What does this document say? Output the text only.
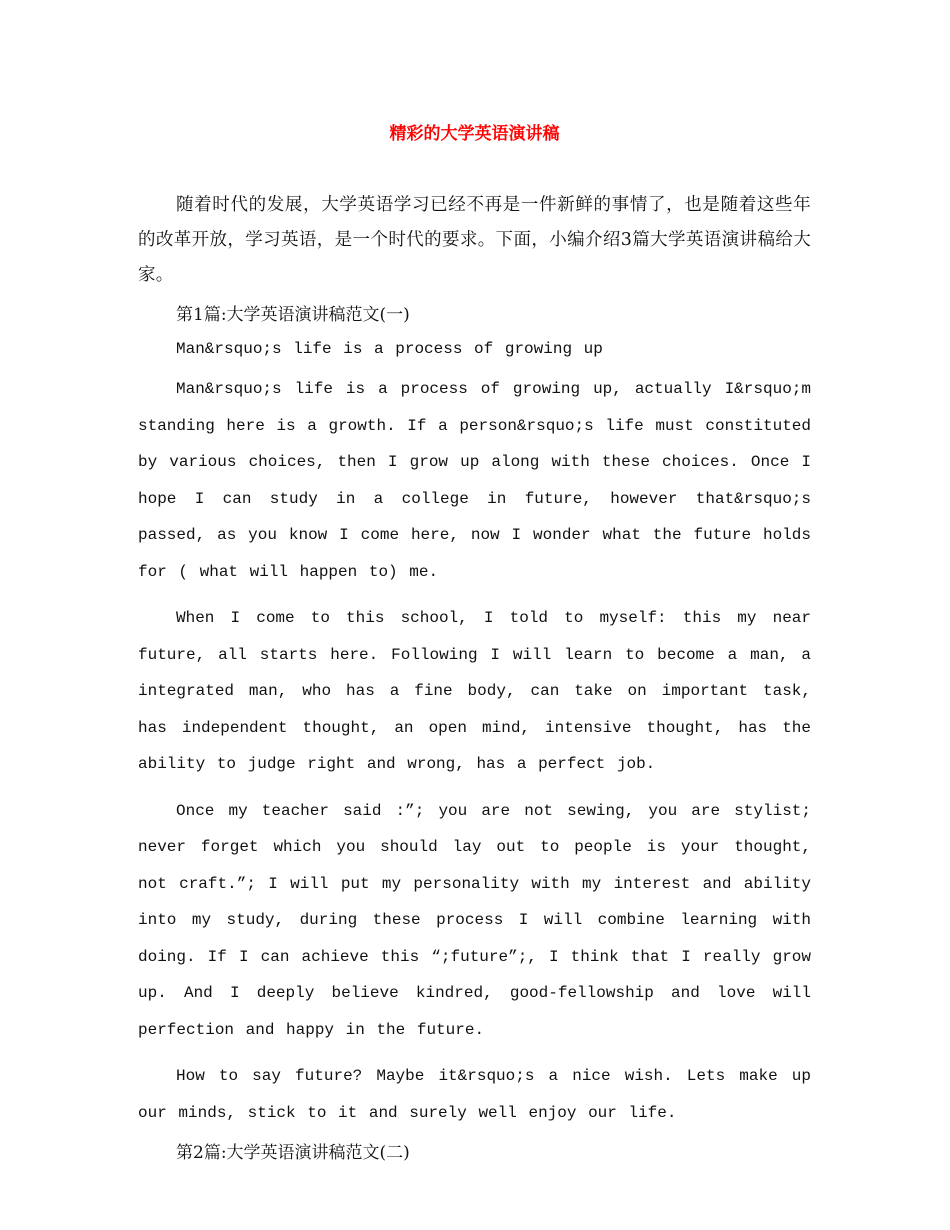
精彩的大学英语演讲稿

随着时代的发展，大学英语学习已经不再是一件新鲜的事情了，也是随着这些年的改革开放，学习英语，是一个时代的要求。下面，小编介绍3篇大学英语演讲稿给大家。

第1篇:大学英语演讲稿范文(一)

Man&rsquo;s life is a process of growing up

Man&rsquo;s life is a process of growing up, actually I&rsquo;m standing here is a growth. If a person&rsquo;s life must constituted by various choices, then I grow up along with these choices. Once I hope I can study in a college in future, however that&rsquo;s passed, as you know I come here, now I wonder what the future holds for ( what will happen to) me.

When I come to this school, I told to myself: this my near future, all starts here. Following I will learn to become a man, a integrated man, who has a fine body, can take on important task, has independent thought, an open mind, intensive thought, has the ability to judge right and wrong, has a perfect job.

Once my teacher said :”; you are not sewing, you are stylist; never forget which you should lay out to people is your thought, not craft.”; I will put my personality with my interest and ability into my study, during these process I will combine learning with doing. If I can achieve this “;future”;, I think that I really grow up. And I deeply believe kindred, good-fellowship and love will perfection and happy in the future.

How to say future? Maybe it&rsquo;s a nice wish. Lets make up our minds, stick to it and surely well enjoy our life.

第2篇:大学英语演讲稿范文(二)
